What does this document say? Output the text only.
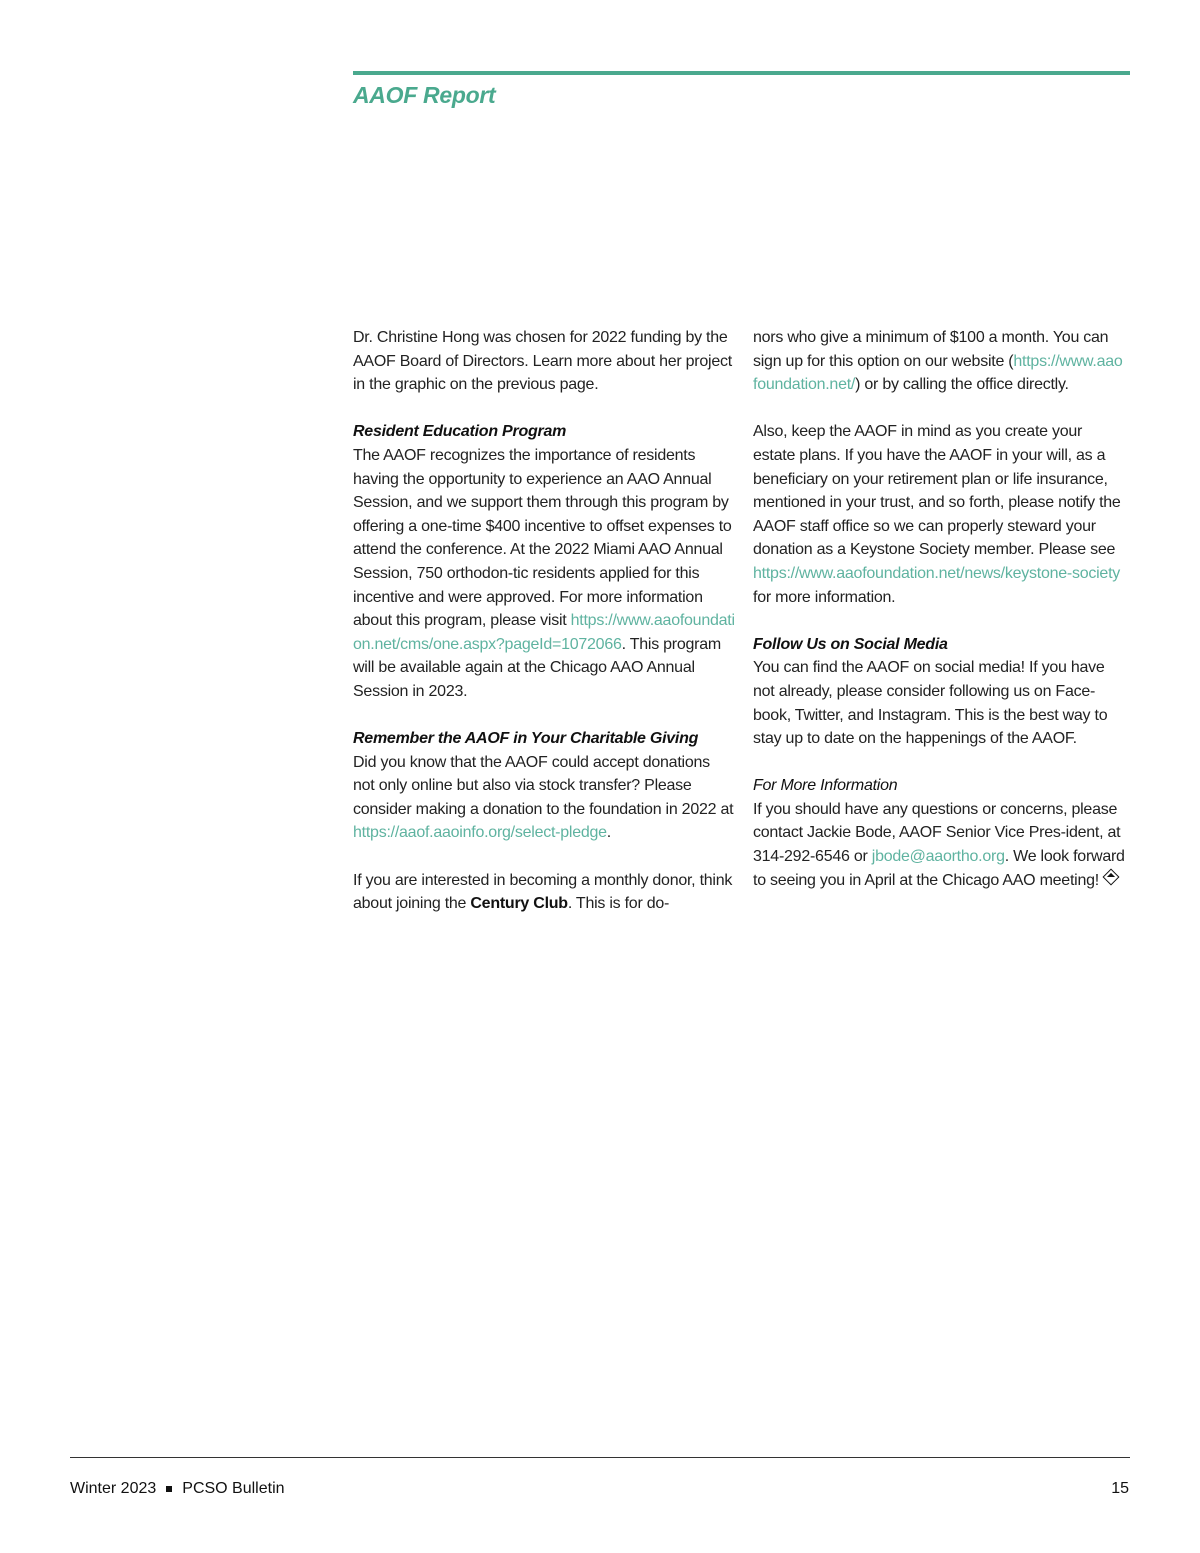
AAOF Report

Dr. Christine Hong was chosen for 2022 funding by the AAOF Board of Directors. Learn more about her project in the graphic on the previous page.

Resident Education Program
The AAOF recognizes the importance of residents having the opportunity to experience an AAO Annual Session, and we support them through this program by offering a one-time $400 incentive to offset expenses to attend the conference. At the 2022 Miami AAO Annual Session, 750 orthodon-tic residents applied for this incentive and were approved. For more information about this program, please visit https://www.aaofoundation.net/cms/one.aspx?pageId=1072066. This program will be available again at the Chicago AAO Annual Session in 2023.

Remember the AAOF in Your Charitable Giving
Did you know that the AAOF could accept donations not only online but also via stock transfer? Please consider making a donation to the foundation in 2022 at https://aaof.aaoinfo.org/select-pledge.

If you are interested in becoming a monthly donor, think about joining the Century Club. This is for do-

nors who give a minimum of $100 a month. You can sign up for this option on our website (https://www.aaofoundation.net/) or by calling the office directly.

Also, keep the AAOF in mind as you create your estate plans. If you have the AAOF in your will, as a beneficiary on your retirement plan or life insurance, mentioned in your trust, and so forth, please notify the AAOF staff office so we can properly steward your donation as a Keystone Society member. Please see https://www.aaofoundation.net/news/keystone-society for more information.

Follow Us on Social Media
You can find the AAOF on social media! If you have not already, please consider following us on Face-book, Twitter, and Instagram. This is the best way to stay up to date on the happenings of the AAOF.

For More Information
If you should have any questions or concerns, please contact Jackie Bode, AAOF Senior Vice Pres-ident, at 314-292-6546 or jbode@aaortho.org. We look forward to seeing you in April at the Chicago AAO meeting!

Winter 2023 PCSO Bulletin	15
